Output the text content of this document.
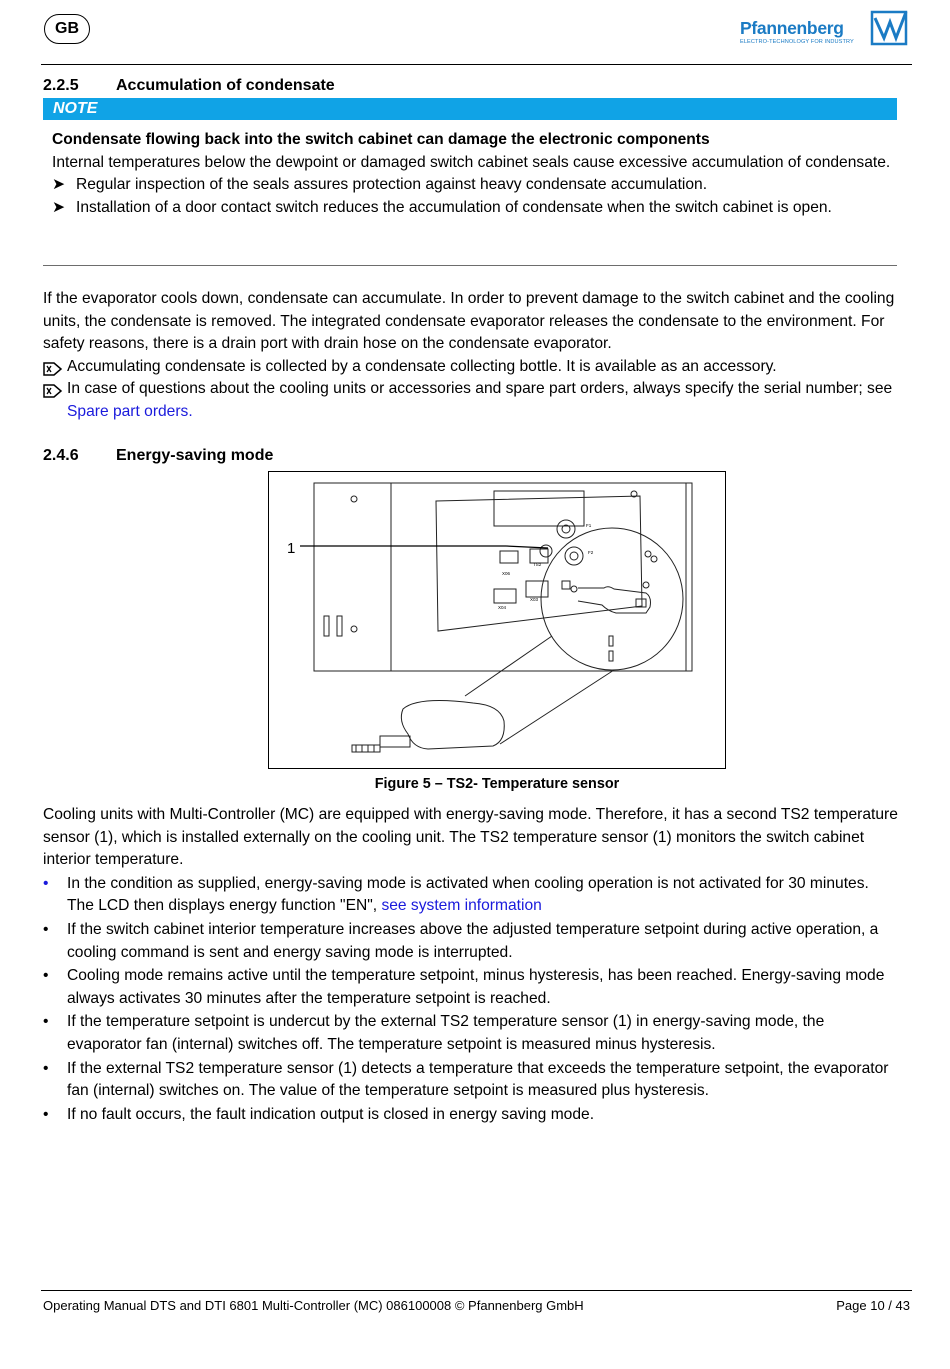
GB	Pfannenberg
ELECTRO-TECHNOLOGY FOR INDUSTRY
2.2.5 Accumulation of condensate
NOTE
Condensate flowing back into the switch cabinet can damage the electronic components
Internal temperatures below the dewpoint or damaged switch cabinet seals cause excessive accumulation of condensate.
➤ Regular inspection of the seals assures protection against heavy condensate accumulation.
➤ Installation of a door contact switch reduces the accumulation of condensate when the switch cabinet is open.
If the evaporator cools down, condensate can accumulate. In order to prevent damage to the switch cabinet and the cooling units, the condensate is removed. The integrated condensate evaporator releases the condensate to the environment. For safety reasons, there is a drain port with drain hose on the condensate evaporator.
Accumulating condensate is collected by a condensate collecting bottle. It is available as an accessory.
In case of questions about the cooling units or accessories and spare part orders, always specify the serial number; see Spare part orders.
2.4.6 Energy-saving mode
1
F1
F2
TS2
X06
X04
X03
Figure 5 – TS2- Temperature sensor
Cooling units with Multi-Controller (MC) are equipped with energy-saving mode. Therefore, it has a second TS2 temperature sensor (1), which is installed externally on the cooling unit. The TS2 temperature sensor (1) monitors the switch cabinet interior temperature.
• In the condition as supplied, energy-saving mode is activated when cooling operation is not activated for 30 minutes. The LCD then displays energy function "EN", see system information
• If the switch cabinet interior temperature increases above the adjusted temperature setpoint during active operation, a cooling command is sent and energy saving mode is interrupted.
• Cooling mode remains active until the temperature setpoint, minus hysteresis, has been reached. Energy-saving mode always activates 30 minutes after the temperature setpoint is reached.
• If the temperature setpoint is undercut by the external TS2 temperature sensor (1) in energy-saving mode, the evaporator fan (internal) switches off. The temperature setpoint is measured minus hysteresis.
• If the external TS2 temperature sensor (1) detects a temperature that exceeds the temperature setpoint, the evaporator fan (internal) switches on. The value of the temperature setpoint is measured plus hysteresis.
• If no fault occurs, the fault indication output is closed in energy saving mode.
Operating Manual DTS and DTI 6801 Multi-Controller (MC) 086100008 © Pfannenberg GmbH	Page 10 / 43
